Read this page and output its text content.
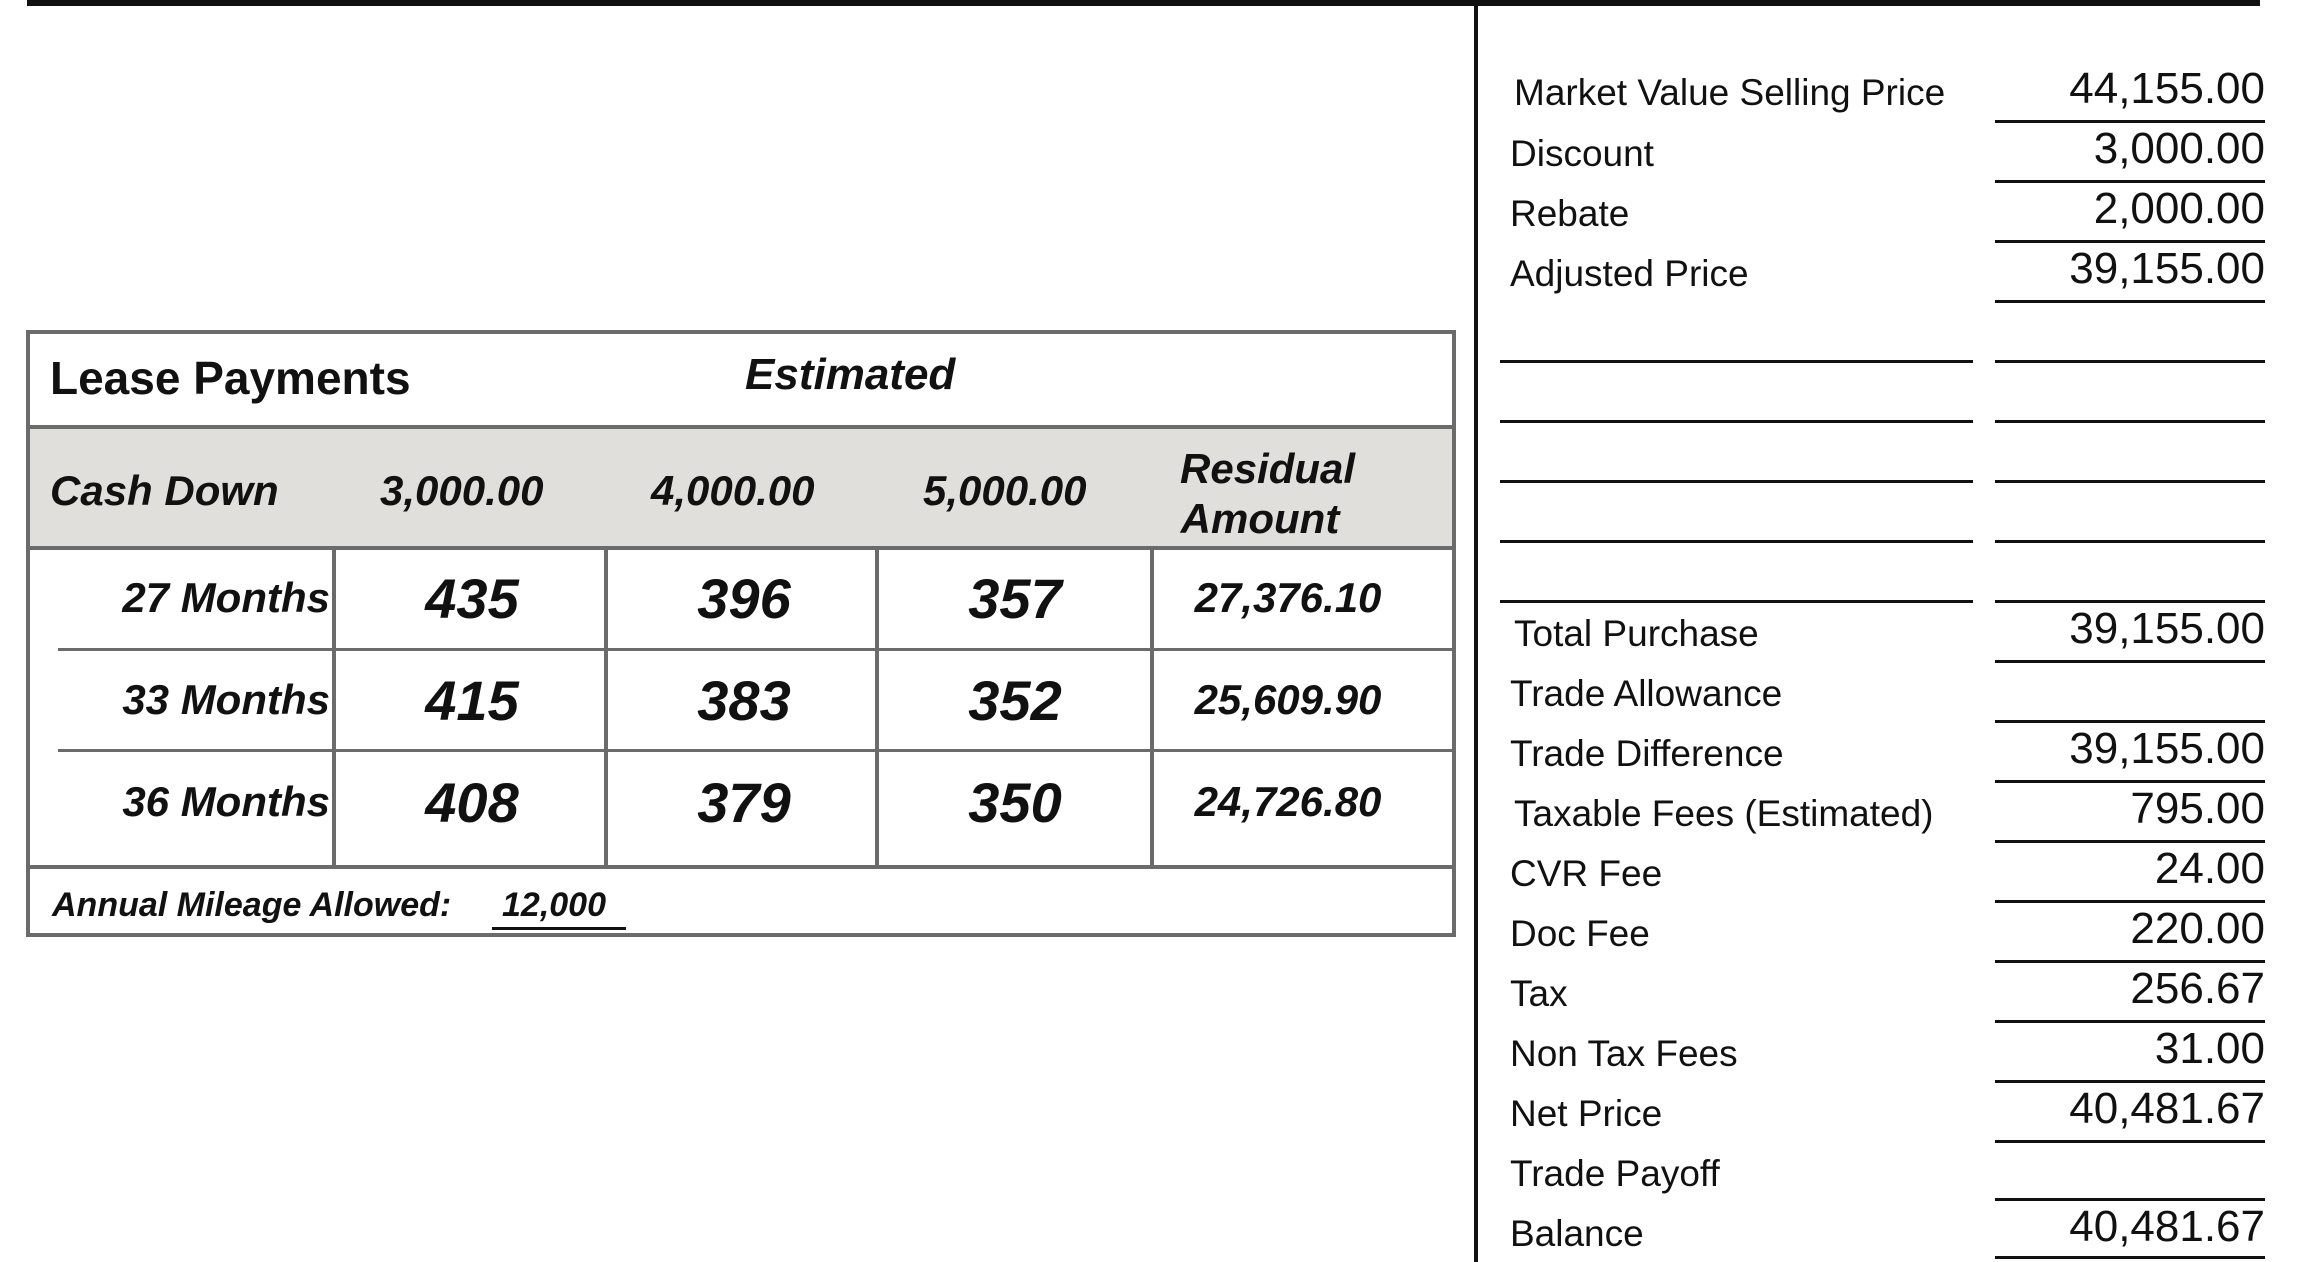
Lease Payments	Estimated
Cash Down 3,000.00	4,000.00	5,000.00 Residual
Amount
27 Months	435	396	357	27,376.10
33 Months	415	383	352	25,609.90
36 Months	408	379	350	24,726.80
Annual Mileage Allowed: 12,000
Market Value Selling Price	44,155.00
Discount	3,000.00
Rebate	2,000.00
Adjusted Price	39,155.00
Total Purchase	39,155.00
Trade Allowance
Trade Difference	39,155.00
Taxable Fees (Estimated)	795.00
CVR Fee	24.00
Doc Fee	220.00
Tax	256.67
Non Tax Fees	31.00
Net Price	40,481.67
Trade Payoff
Balance	40,481.67
